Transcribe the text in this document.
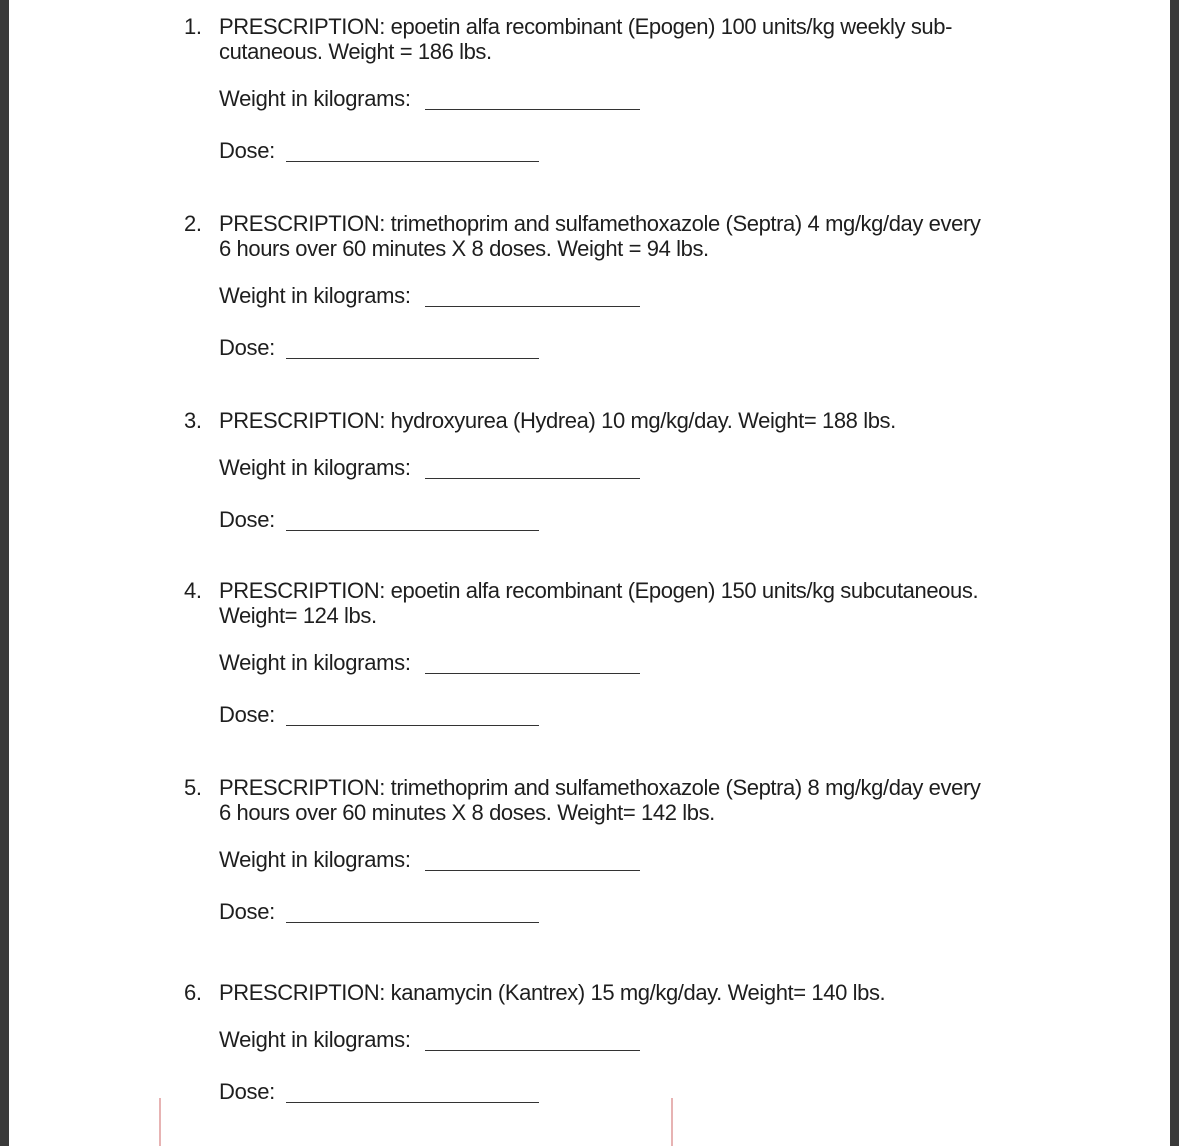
1. PRESCRIPTION: epoetin alfa recombinant (Epogen) 100 units/kg weekly sub-
cutaneous. Weight = 186 lbs.
Weight in kilograms:
Dose:
2. PRESCRIPTION: trimethoprim and sulfamethoxazole (Septra) 4 mg/kg/day every
6 hours over 60 minutes X 8 doses. Weight = 94 lbs.
Weight in kilograms:
Dose:
3. PRESCRIPTION: hydroxyurea (Hydrea) 10 mg/kg/day. Weight= 188 lbs.
Weight in kilograms:
Dose:
4. PRESCRIPTION: epoetin alfa recombinant (Epogen) 150 units/kg subcutaneous.
Weight= 124 lbs.
Weight in kilograms:
Dose:
5. PRESCRIPTION: trimethoprim and sulfamethoxazole (Septra) 8 mg/kg/day every
6 hours over 60 minutes X 8 doses. Weight= 142 lbs.
Weight in kilograms:
Dose:
6. PRESCRIPTION: kanamycin (Kantrex) 15 mg/kg/day. Weight= 140 lbs.
Weight in kilograms:
Dose:
